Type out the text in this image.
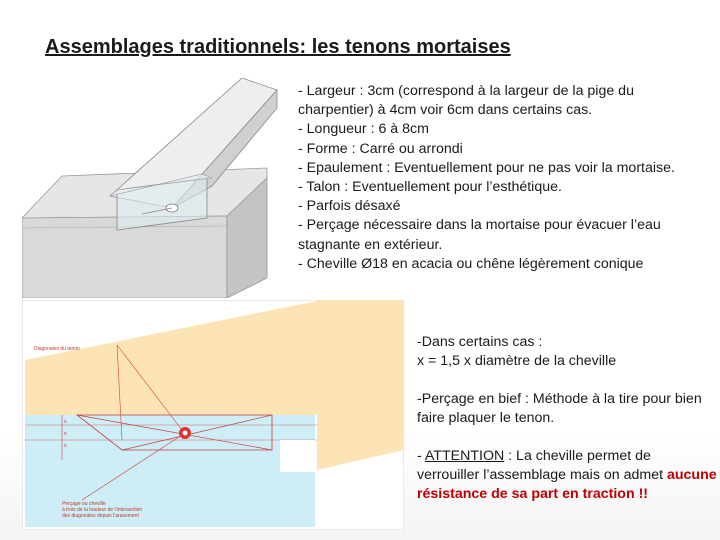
Assemblages traditionnels: les tenons mortaises
Diagonales du tenon
x
x
x
Perçage ou cheville
à trois de la hauteur de l'intersection
des diagonales depuis l'arasement
- Largeur : 3cm (correspond à la largeur de la pige du charpentier) à 4cm voir 6cm dans certains cas.
- Longueur : 6 à 8cm
- Forme : Carré ou arrondi
- Epaulement : Eventuellement pour ne pas voir la mortaise.
- Talon : Eventuellement pour l’esthétique.
- Parfois désaxé
- Perçage nécessaire dans la mortaise pour évacuer l’eau stagnante en extérieur.
- Cheville Ø18 en acacia ou chêne légèrement conique

-Dans certains cas :
x = 1,5 x diamètre de la cheville

-Perçage en bief : Méthode à la tire pour bien faire plaquer le tenon.

- ATTENTION : La cheville permet de verrouiller l’assemblage mais on admet aucune résistance de sa part en traction !!
